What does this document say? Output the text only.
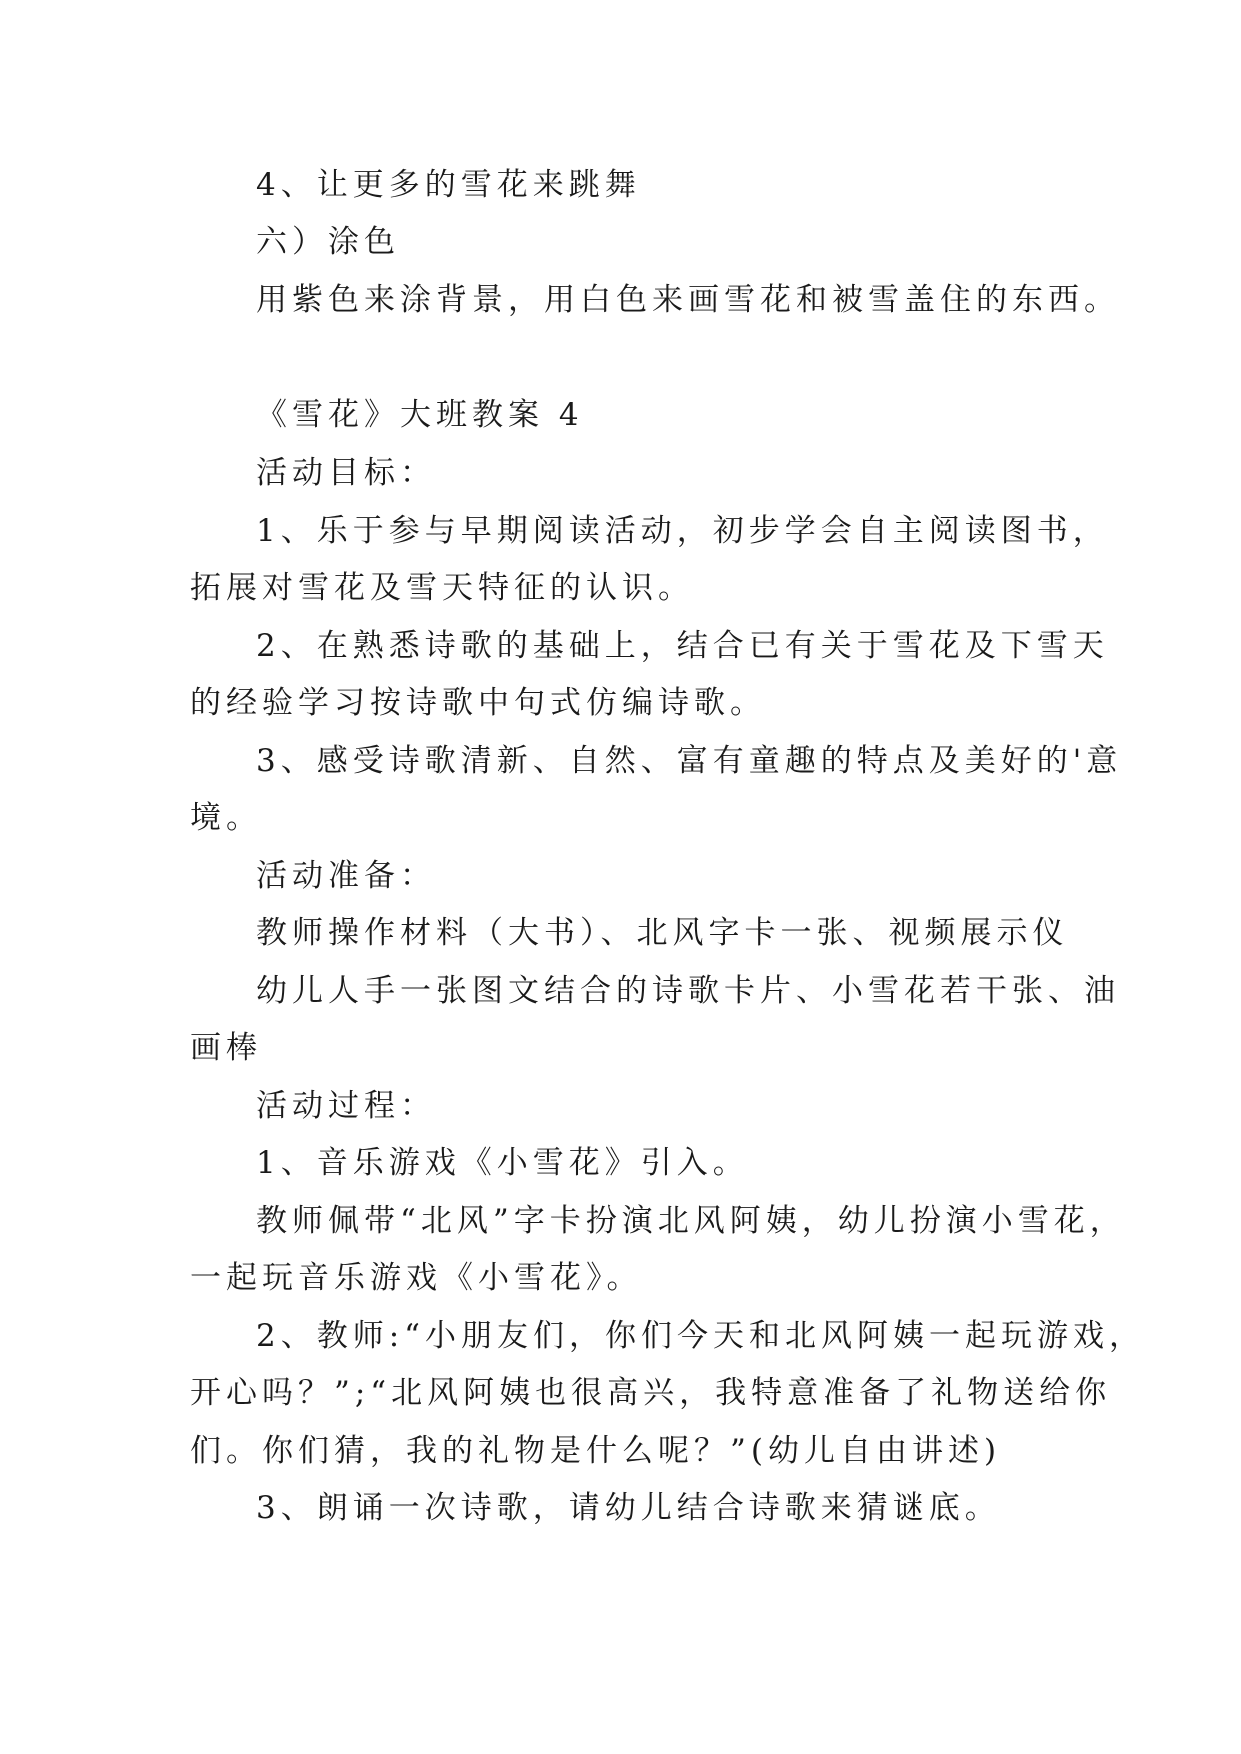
4、让更多的雪花来跳舞
六）涂色
用紫色来涂背景，用白色来画雪花和被雪盖住的东西。
《雪花》大班教案 4
活动目标：
1、乐于参与早期阅读活动，初步学会自主阅读图书，
拓展对雪花及雪天特征的认识。
2、在熟悉诗歌的基础上，结合已有关于雪花及下雪天
的经验学习按诗歌中句式仿编诗歌。
3、感受诗歌清新、自然、富有童趣的特点及美好的'意
境。
活动准备：
教师操作材料（大书）、北风字卡一张、视频展示仪
幼儿人手一张图文结合的诗歌卡片、小雪花若干张、油
画棒
活动过程：
1、音乐游戏《小雪花》引入。
教师佩带“北风”字卡扮演北风阿姨，幼儿扮演小雪花，
一起玩音乐游戏《小雪花》。
2、教师:“小朋友们，你们今天和北风阿姨一起玩游戏，
开心吗？”;“北风阿姨也很高兴，我特意准备了礼物送给你
们。你们猜，我的礼物是什么呢？”(幼儿自由讲述)
3、朗诵一次诗歌，请幼儿结合诗歌来猜谜底。
